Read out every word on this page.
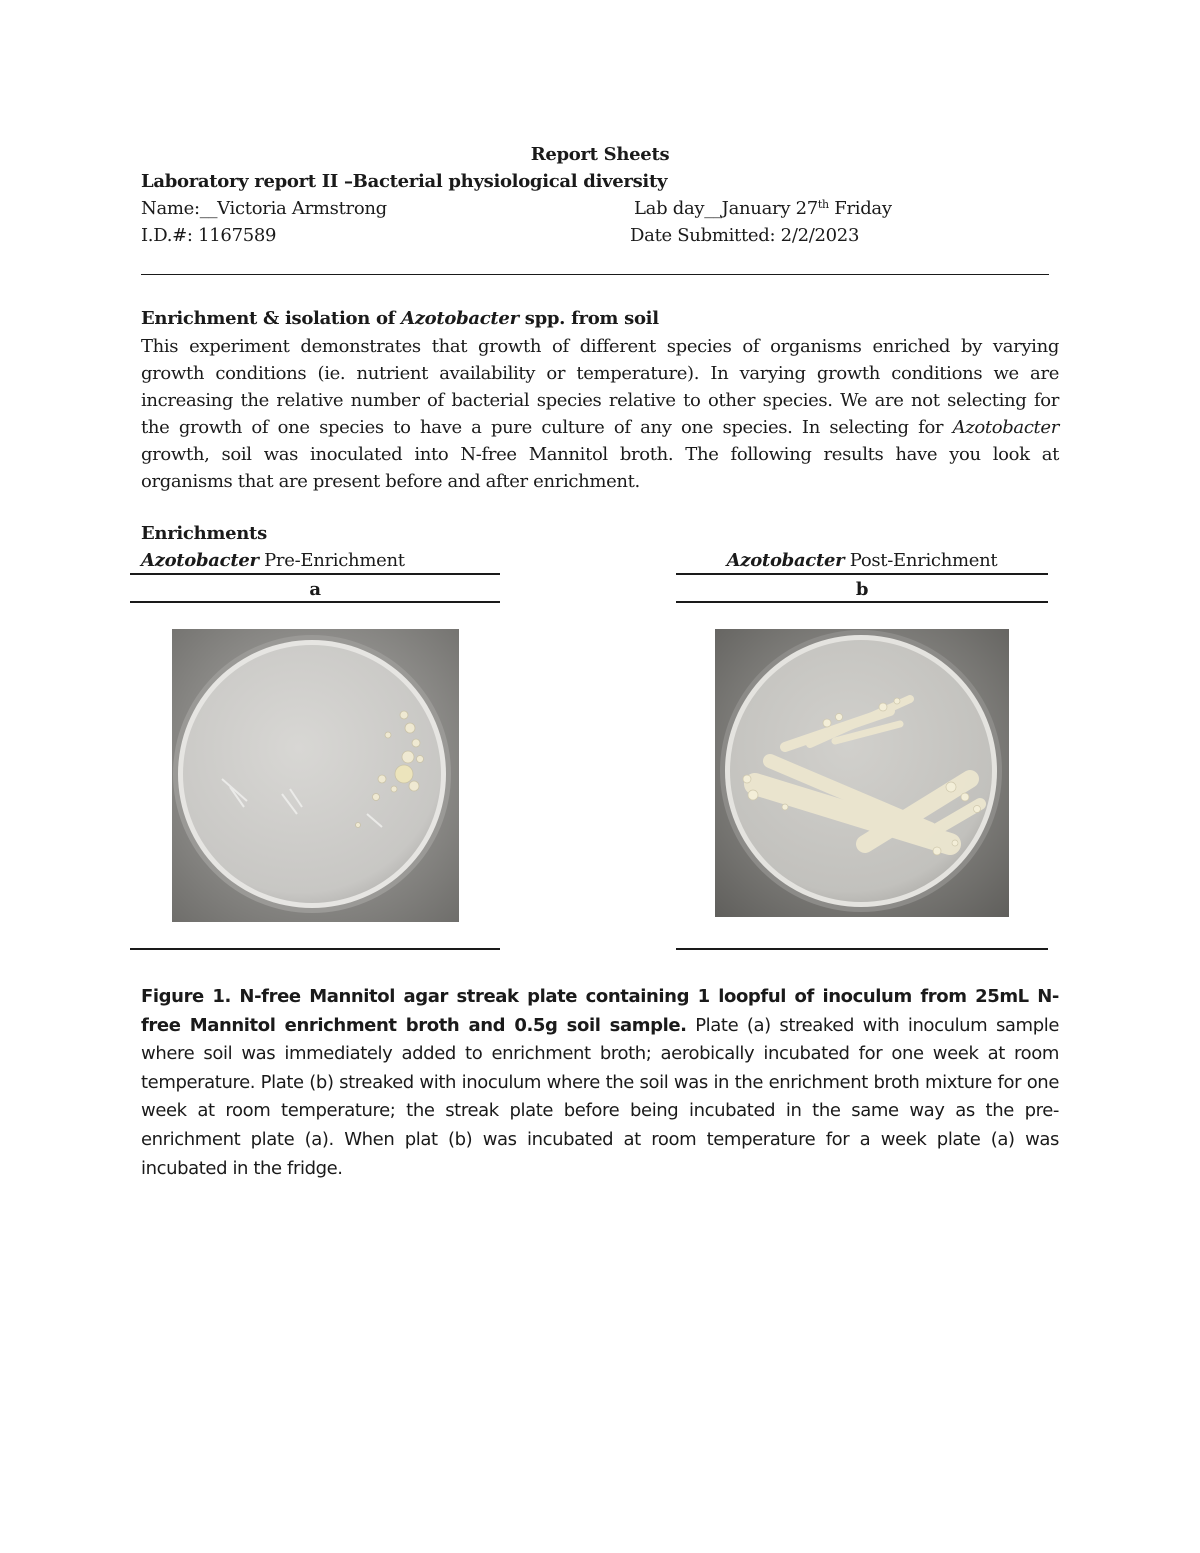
Report Sheets
Laboratory report II –Bacterial physiological diversity
Name:__Victoria Armstrong	Lab day__January 27th Friday
I.D.#: 1167589	Date Submitted: 2/2/2023
Enrichment & isolation of Azotobacter spp. from soil
This experiment demonstrates that growth of different species of organisms enriched by varying growth conditions (ie. nutrient availability or temperature). In varying growth conditions we are increasing the relative number of bacterial species relative to other species. We are not selecting for the growth of one species to have a pure culture of any one species. In selecting for Azotobacter growth, soil was inoculated into N-free Mannitol broth. The following results have you look at organisms that are present before and after enrichment.
Enrichments
Azotobacter Pre-Enrichment
a
Azotobacter Post-Enrichment
b
Figure 1. N-free Mannitol agar streak plate containing 1 loopful of inoculum from 25mL N-free Mannitol enrichment broth and 0.5g soil sample. Plate (a) streaked with inoculum sample where soil was immediately added to enrichment broth; aerobically incubated for one week at room temperature. Plate (b) streaked with inoculum where the soil was in the enrichment broth mixture for one week at room temperature; the streak plate before being incubated in the same way as the pre-enrichment plate (a). When plat (b) was incubated at room temperature for a week plate (a) was incubated in the fridge.
